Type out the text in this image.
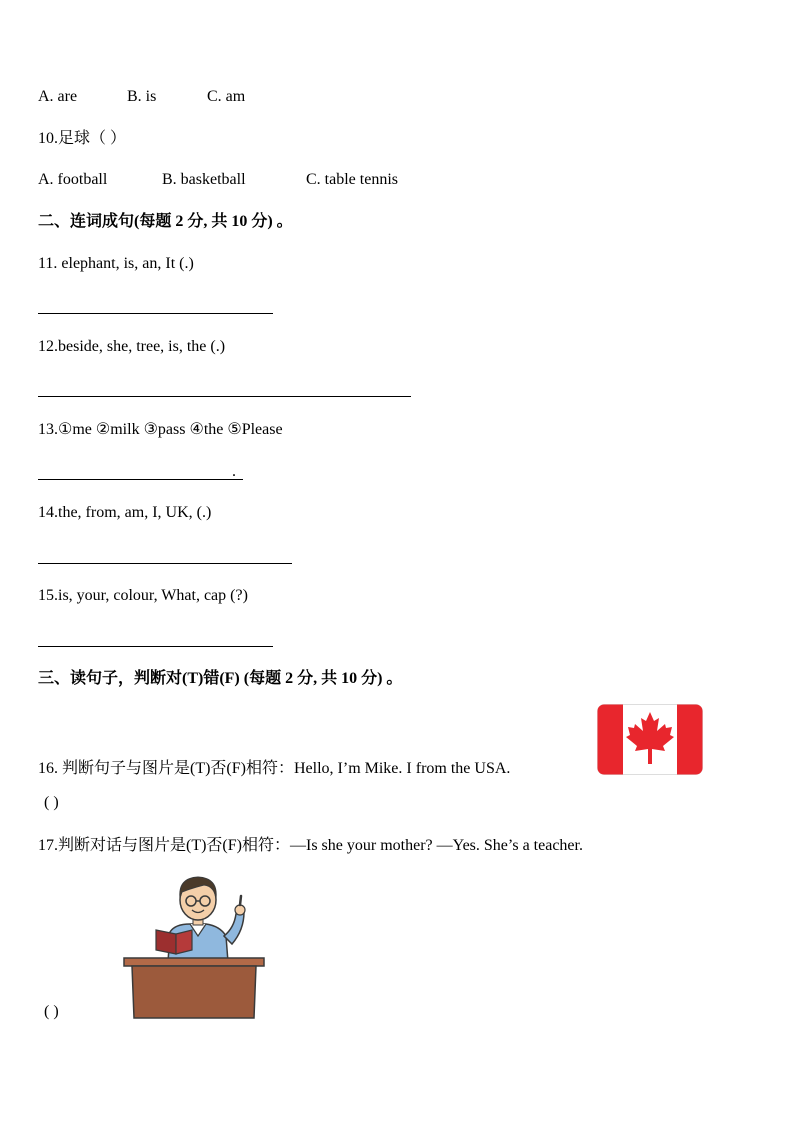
A. are	B. is	C. am
10.足球（ ）
A. football	B. basketball	C. table tennis
二、连词成句(每题 2 分, 共 10 分) 。
11. elephant, is, an, It (.)
12.beside, she, tree, is, the (.)
13.①me ②milk ③pass ④the ⑤Please
.
14.the, from, am, I, UK, (.)
15.is, your, colour, What, cap (?)
三、读句子，判断对(T)错(F) (每题 2 分, 共 10 分) 。
16. 判断句子与图片是(T)否(F)相符：Hello, I’m Mike. I from the USA.
( )
17.判断对话与图片是(T)否(F)相符：—Is she your mother? —Yes. She’s a teacher.
( )
